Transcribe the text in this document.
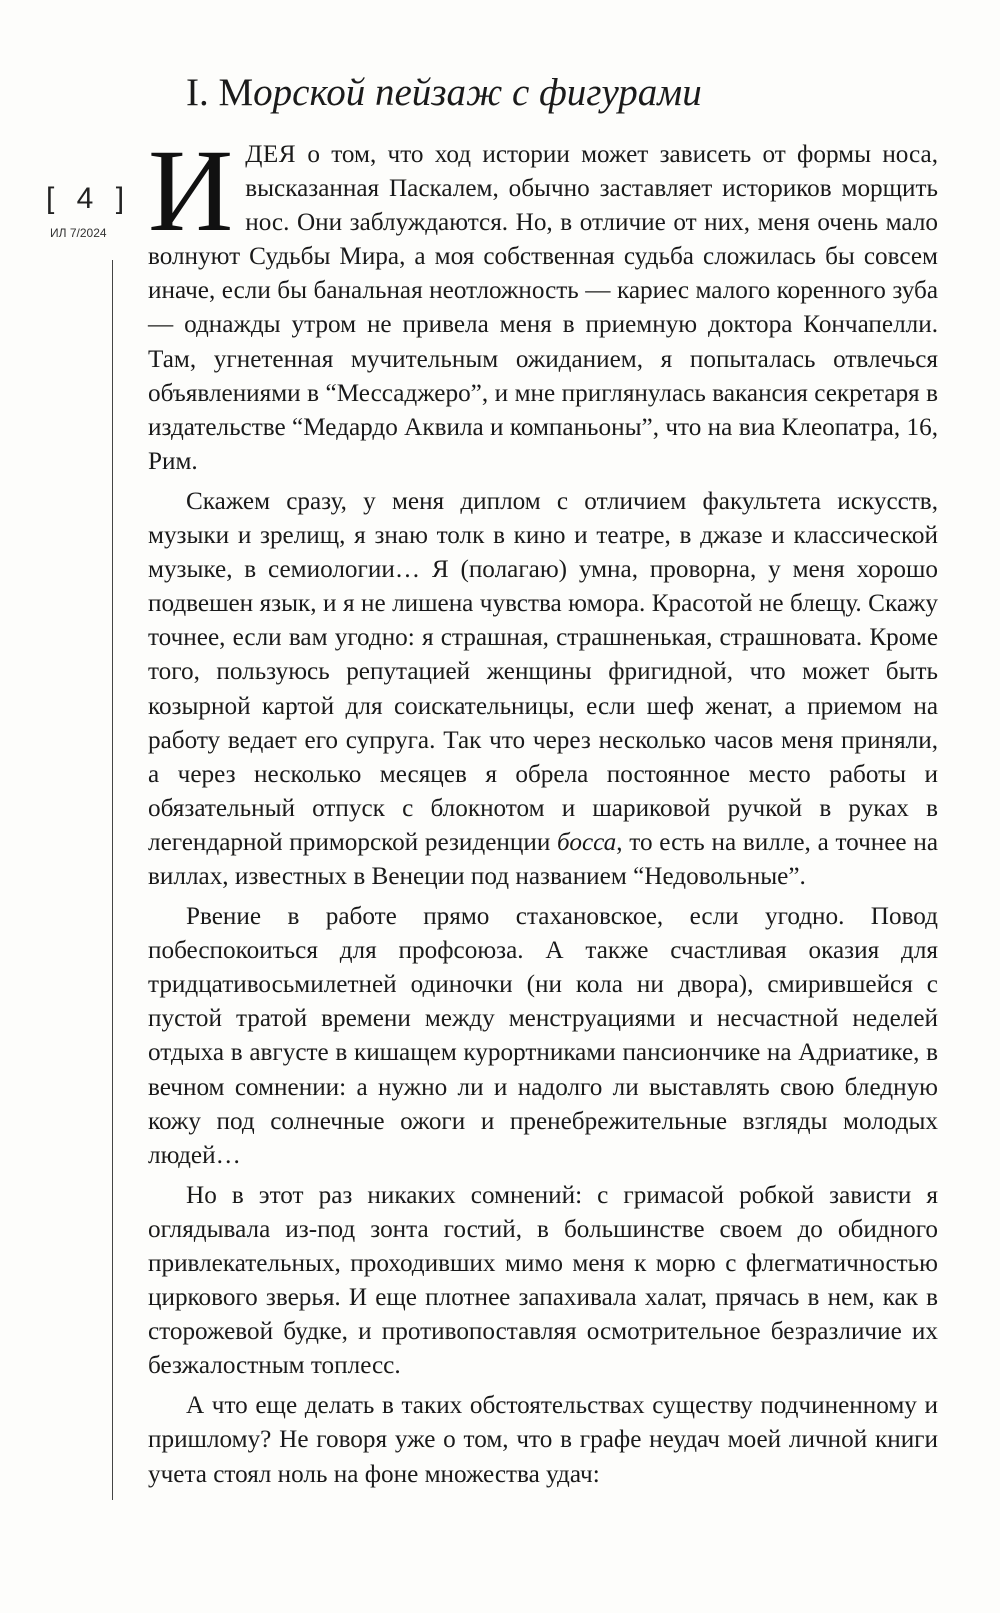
[ 4 ]
ИЛ 7/2024
I. Морской пейзаж с фигурами

ИДЕЯ о том, что ход истории может зависеть от формы носа, высказанная Паскалем, обычно заставляет историков морщить нос. Они заблуждаются. Но, в отличие от них, меня очень мало волнуют Судьбы Мира, а моя собственная судьба сложилась бы совсем иначе, если бы банальная неотложность — кариес малого коренного зуба — однажды утром не привела меня в приемную доктора Кончапелли. Там, угнетенная мучительным ожиданием, я попыталась отвлечься объявлениями в “Мессаджеро”, и мне приглянулась вакансия секретаря в издательстве “Медардо Аквила и компаньоны”, что на виа Клеопатра, 16, Рим.

Скажем сразу, у меня диплом с отличием факультета искусств, музыки и зрелищ, я знаю толк в кино и театре, в джазе и классической музыке, в семиологии… Я (полагаю) умна, проворна, у меня хорошо подвешен язык, и я не лишена чувства юмора. Красотой не блещу. Скажу точнее, если вам угодно: я страшная, страшненькая, страшновата. Кроме того, пользуюсь репутацией женщины фригидной, что может быть козырной картой для соискательницы, если шеф женат, а приемом на работу ведает его супруга. Так что через несколько часов меня приняли, а через несколько месяцев я обрела постоянное место работы и обязательный отпуск с блокнотом и шариковой ручкой в руках в легендарной приморской резиденции босса, то есть на вилле, а точнее на виллах, известных в Венеции под названием “Недовольные”.

Рвение в работе прямо стахановское, если угодно. Повод побеспокоиться для профсоюза. А также счастливая оказия для тридцативосьмилетней одиночки (ни кола ни двора), смирившейся с пустой тратой времени между менструациями и несчастной неделей отдыха в августе в кишащем курортниками пансиончике на Адриатике, в вечном сомнении: а нужно ли и надолго ли выставлять свою бледную кожу под солнечные ожоги и пренебрежительные взгляды молодых людей…

Но в этот раз никаких сомнений: с гримасой робкой зависти я оглядывала из-под зонта гостий, в большинстве своем до обидного привлекательных, проходивших мимо меня к морю с флегматичностью циркового зверья. И еще плотнее запахивала халат, прячась в нем, как в сторожевой будке, и противопоставляя осмотрительное безразличие их безжалостным топлесс.

А что еще делать в таких обстоятельствах существу подчиненному и пришлому? Не говоря уже о том, что в графе неудач моей личной книги учета стоял ноль на фоне множества удач:
